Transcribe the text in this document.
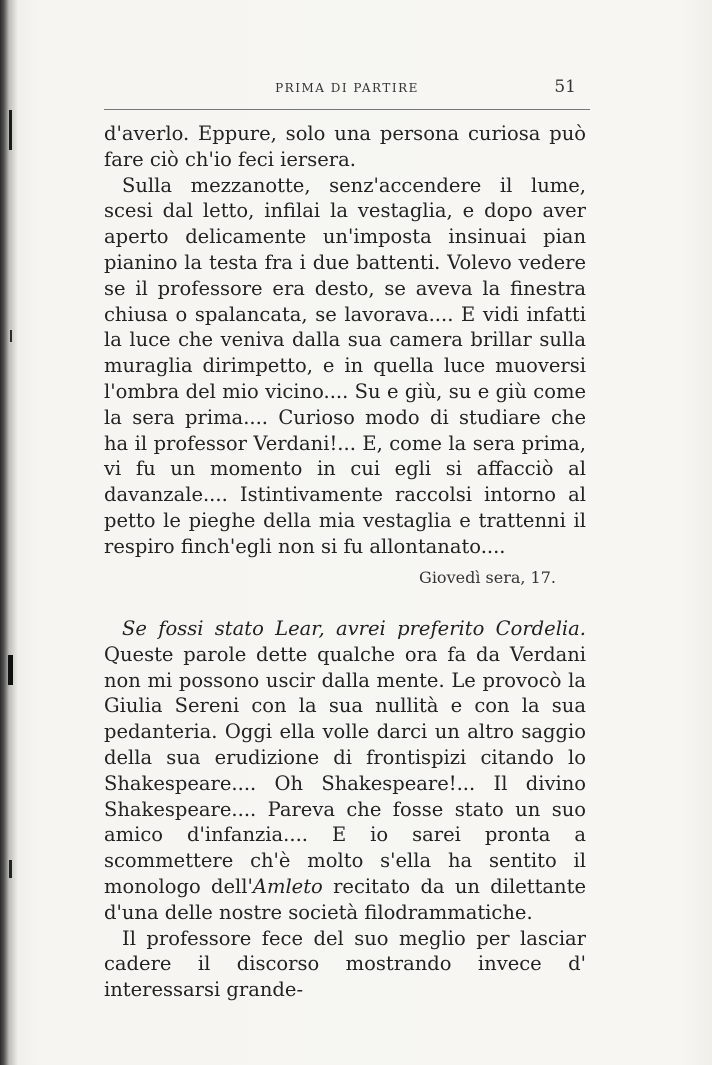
PRIMA DI PARTIRE	51

d'averlo. Eppure, solo una persona curiosa può fare ciò ch'io feci iersera.

Sulla mezzanotte, senz'accendere il lume, scesi dal letto, infilai la vestaglia, e dopo aver aperto delicamente un'imposta insinuai pian pianino la testa fra i due battenti. Volevo vedere se il professore era desto, se aveva la finestra chiusa o spalancata, se lavorava.... E vidi infatti la luce che veniva dalla sua camera brillar sulla muraglia dirimpetto, e in quella luce muoversi l'ombra del mio vicino.... Su e giù, su e giù come la sera prima.... Curioso modo di studiare che ha il professor Verdani!... E, come la sera prima, vi fu un momento in cui egli si affacciò al davanzale.... Istintivamente raccolsi intorno al petto le pieghe della mia vestaglia e trattenni il respiro finch'egli non si fu allontanato....

Giovedì sera, 17.

Se fossi stato Lear, avrei preferito Cordelia. Queste parole dette qualche ora fa da Verdani non mi possono uscir dalla mente. Le provocò la Giulia Sereni con la sua nullità e con la sua pedanteria. Oggi ella volle darci un altro saggio della sua erudizione di frontispizi citando lo Shakespeare.... Oh Shakespeare!... Il divino Shakespeare.... Pareva che fosse stato un suo amico d'infanzia.... E io sarei pronta a scommettere ch'è molto s'ella ha sentito il monologo dell'Amleto recitato da un dilettante d'una delle nostre società filodrammatiche.

Il professore fece del suo meglio per lasciar cadere il discorso mostrando invece d' interessarsi grande-
